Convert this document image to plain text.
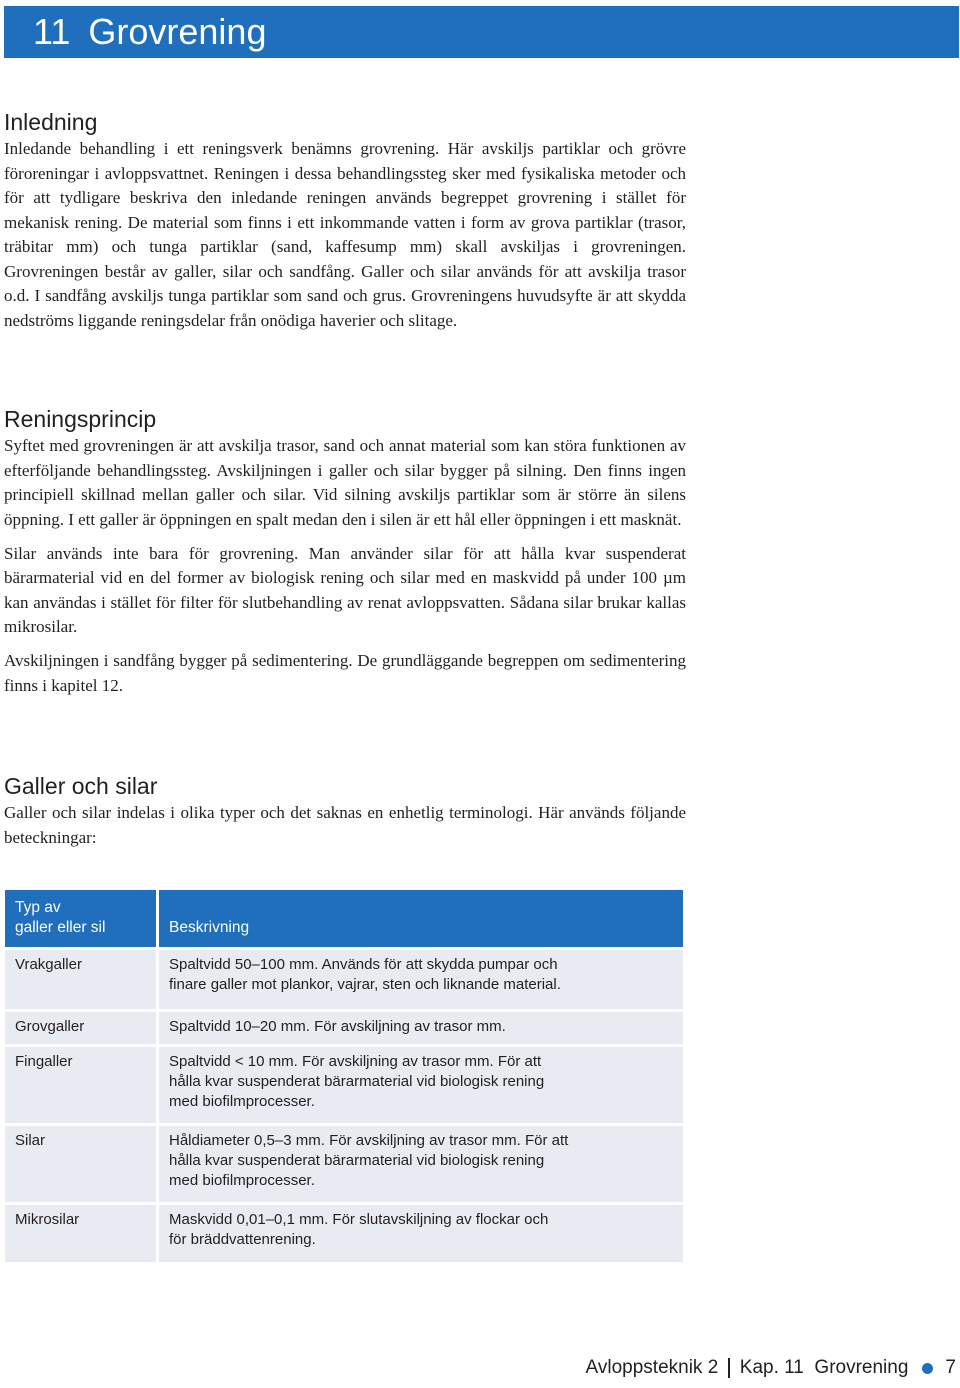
11 Grovrening
Inledning

Inledande behandling i ett reningsverk benämns grovrening. Här avskiljs partiklar och grövre föroreningar i avloppsvattnet. Reningen i dessa behandlingssteg sker med fysikaliska metoder och för att tydligare beskriva den inledande reningen används begreppet grovrening i stället för mekanisk rening. De material som finns i ett inkommande vatten i form av grova partiklar (trasor, träbitar mm) och tunga partiklar (sand, kaffesump mm) skall avskiljas i grovreningen. Grovreningen består av galler, silar och sandfång. Galler och silar används för att avskilja trasor o.d. I sandfång avskiljs tunga partiklar som sand och grus. Grovreningens huvudsyfte är att skydda nedströms liggande reningsdelar från onödiga haverier och slitage.

Reningsprincip

Syftet med grovreningen är att avskilja trasor, sand och annat material som kan störa funktionen av efterföljande behandlingssteg. Avskiljningen i galler och silar bygger på silning. Den finns ingen principiell skillnad mellan galler och silar. Vid silning avskiljs partiklar som är större än silens öppning. I ett galler är öppningen en spalt medan den i silen är ett hål eller öppningen i ett masknät.

Silar används inte bara för grovrening. Man använder silar för att hålla kvar suspenderat bärarmaterial vid en del former av biologisk rening och silar med en maskvidd på under 100 µm kan användas i stället för filter för slutbehandling av renat avloppsvatten. Sådana silar brukar kallas mikrosilar.

Avskiljningen i sandfång bygger på sedimentering. De grundläggande begreppen om sedimentering finns i kapitel 12.

Galler och silar

Galler och silar indelas i olika typer och det saknas en enhetlig terminologi. Här används följande beteckningar:

Typ av
galler eller sil	Beskrivning
Vrakgaller	Spaltvidd 50–100 mm. Används för att skydda pumpar och
finare galler mot plankor, vajrar, sten och liknande material.
Grovgaller	Spaltvidd 10–20 mm. För avskiljning av trasor mm.
Fingaller	Spaltvidd < 10 mm. För avskiljning av trasor mm. För att
hålla kvar suspenderat bärarmaterial vid biologisk rening
med biofilmprocesser.
Silar	Håldiameter 0,5–3 mm. För avskiljning av trasor mm. För att
hålla kvar suspenderat bärarmaterial vid biologisk rening
med biofilmprocesser.
Mikrosilar	Maskvidd 0,01–0,1 mm. För slutavskiljning av flockar och
för bräddvattenrening.
Avloppsteknik 2 Kap. 11  Grovrening 7
